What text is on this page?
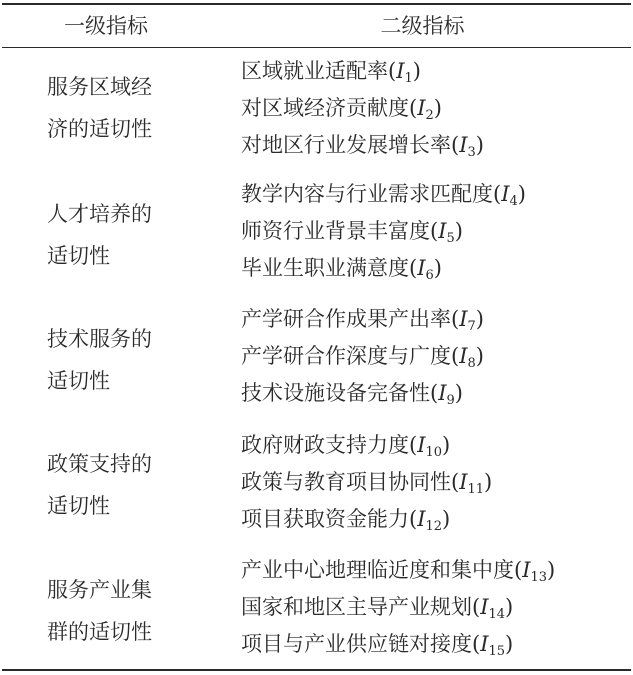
一级指标	二级指标
服务区域经
济的适切性
区域就业适配率$(I_1)$
对区域经济贡献度$(I_2)$
对地区行业发展增长率$(I_3)$
人才培养的
适切性
教学内容与行业需求匹配度$(I_4)$
师资行业背景丰富度$(I_5)$
毕业生职业满意度$(I_6)$
技术服务的
适切性
产学研合作成果产出率$(I_7)$
产学研合作深度与广度$(I_8)$
技术设施设备完备性$(I_9)$
政策支持的
适切性
政府财政支持力度$(I_{10})$
政策与教育项目协同性$(I_{11})$
项目获取资金能力$(I_{12})$
服务产业集
群的适切性
产业中心地理临近度和集中度$(I_{13})$
国家和地区主导产业规划$(I_{14})$
项目与产业供应链对接度$(I_{15})$
